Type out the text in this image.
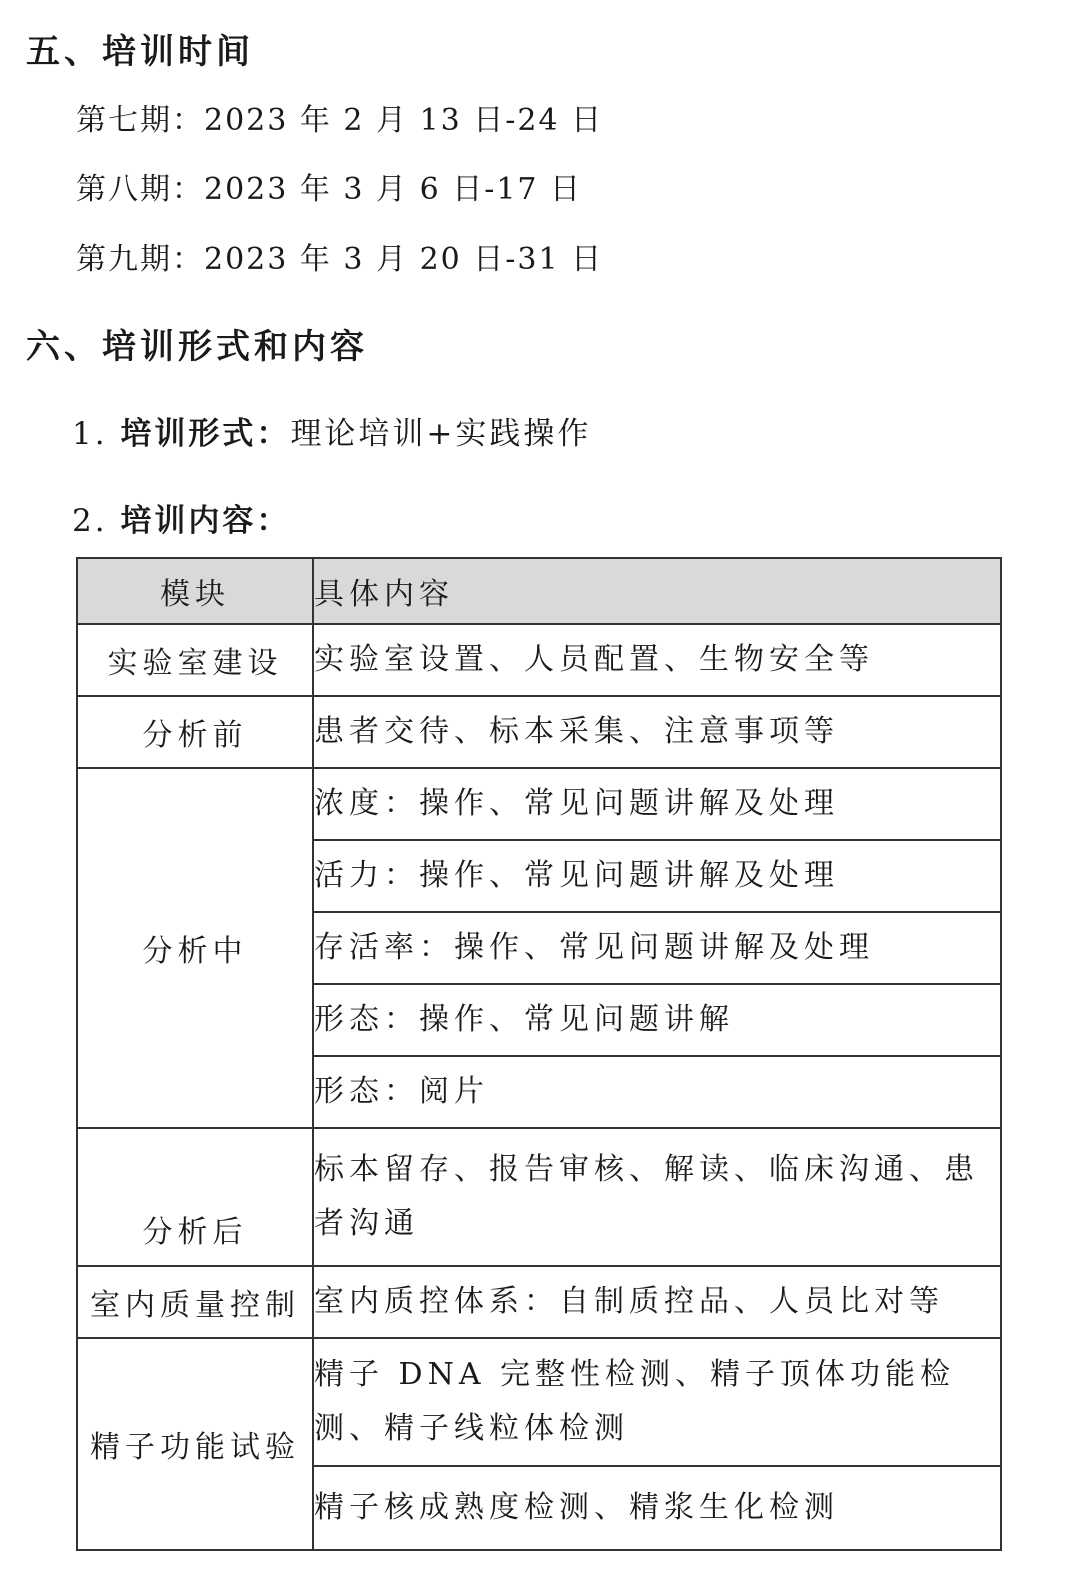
五、培训时间

第七期：2023 年 2 月 13 日-24 日

第八期：2023 年 3 月 6 日-17 日

第九期：2023 年 3 月 20 日-31 日

六、培训形式和内容

1. 培训形式：理论培训+实践操作

2. 培训内容：

模块	具体内容
实验室建设	实验室设置、人员配置、生物安全等
分析前	患者交待、标本采集、注意事项等
分析中	浓度：操作、常见问题讲解及处理
	活力：操作、常见问题讲解及处理
	存活率：操作、常见问题讲解及处理
	形态：操作、常见问题讲解
	形态：阅片
分析后	标本留存、报告审核、解读、临床沟通、患者沟通
室内质量控制	室内质控体系：自制质控品、人员比对等
精子功能试验	精子 DNA 完整性检测、精子顶体功能检测、精子线粒体检测
	精子核成熟度检测、精浆生化检测
